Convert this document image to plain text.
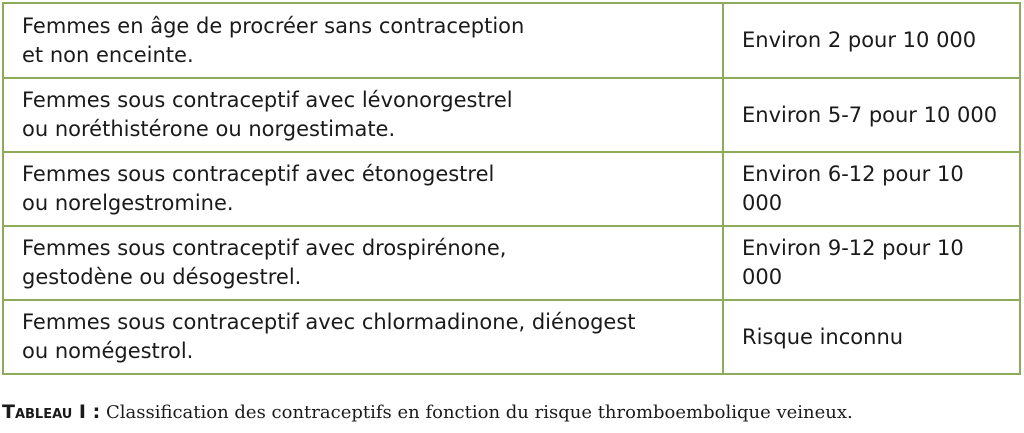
Femmes en âge de procréer sans contraception
et non enceinte.	Environ 2 pour 10 000

Femmes sous contraceptif avec lévonorgestrel
ou noréthistérone ou norgestimate.	Environ 5-7 pour 10 000

Femmes sous contraceptif avec étonogestrel
ou norelgestromine.	Environ 6-12 pour 10 000

Femmes sous contraceptif avec drospirénone,
gestodène ou désogestrel.	Environ 9-12 pour 10 000

Femmes sous contraceptif avec chlormadinone, diénogest
ou nomégestrol.	Risque inconnu
Tableau I : Classification des contraceptifs en fonction du risque thromboembolique veineux.
